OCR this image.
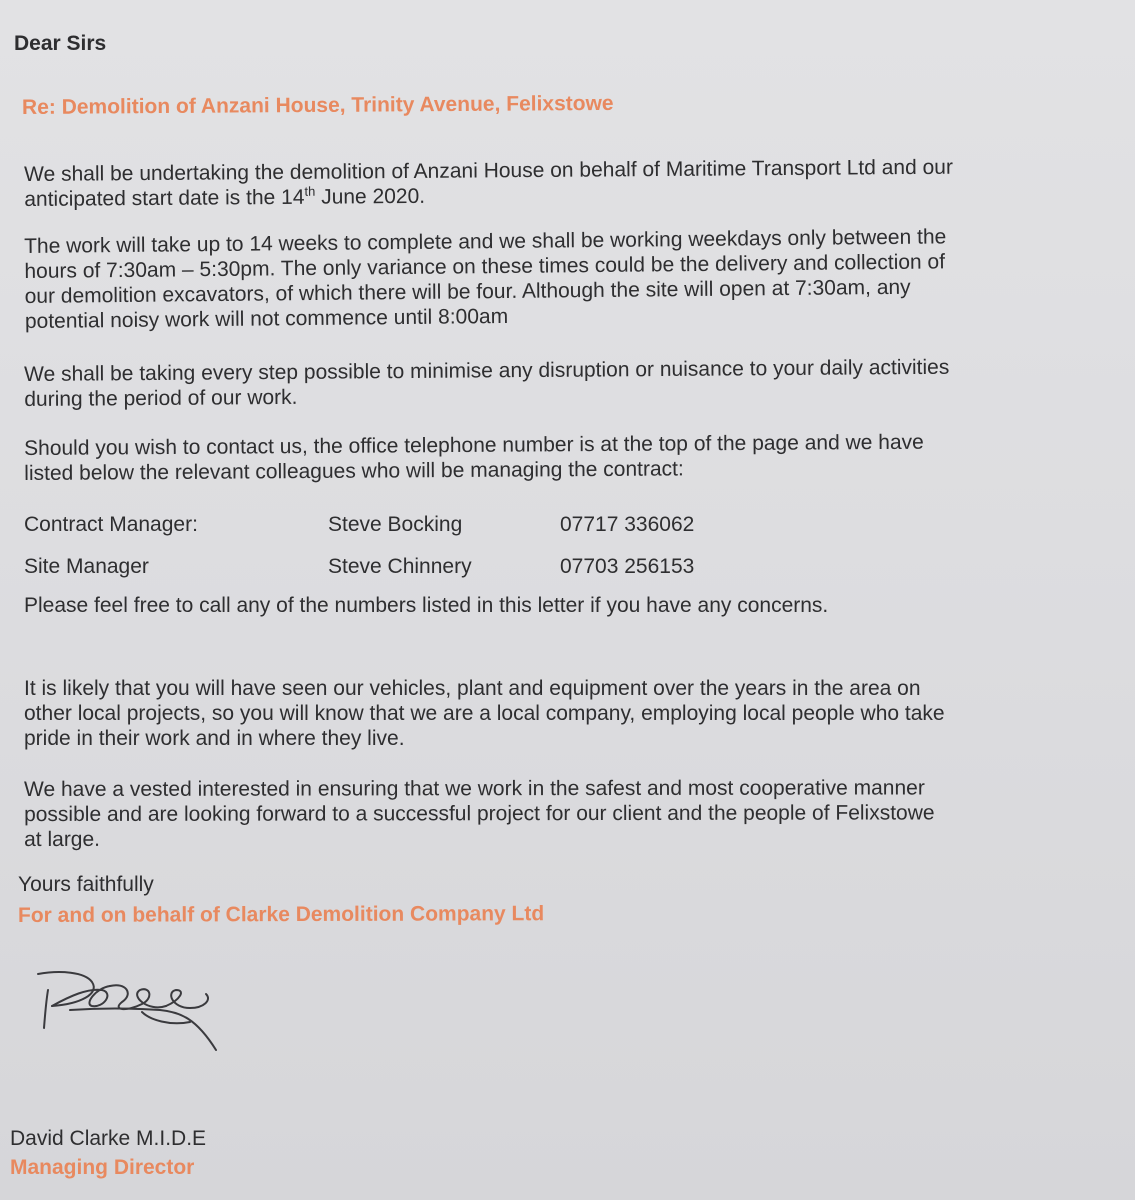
Dear Sirs

Re: Demolition of Anzani House, Trinity Avenue, Felixstowe

We shall be undertaking the demolition of Anzani House on behalf of Maritime Transport Ltd and our
anticipated start date is the 14th June 2020.
The work will take up to 14 weeks to complete and we shall be working weekdays only between the
hours of 7:30am – 5:30pm. The only variance on these times could be the delivery and collection of
our demolition excavators, of which there will be four. Although the site will open at 7:30am, any
potential noisy work will not commence until 8:00am
We shall be taking every step possible to minimise any disruption or nuisance to your daily activities
during the period of our work.
Should you wish to contact us, the office telephone number is at the top of the page and we have
listed below the relevant colleagues who will be managing the contract:
Contract Manager:	Steve Bocking	07717 336062
Site Manager	Steve Chinnery	07703 256153

Please feel free to call any of the numbers listed in this letter if you have any concerns.

It is likely that you will have seen our vehicles, plant and equipment over the years in the area on
other local projects, so you will know that we are a local company, employing local people who take
pride in their work and in where they live.
We have a vested interested in ensuring that we work in the safest and most cooperative manner
possible and are looking forward to a successful project for our client and the people of Felixstowe
at large.

Yours faithfully

For and on behalf of Clarke Demolition Company Ltd

David Clarke M.I.D.E

Managing Director
